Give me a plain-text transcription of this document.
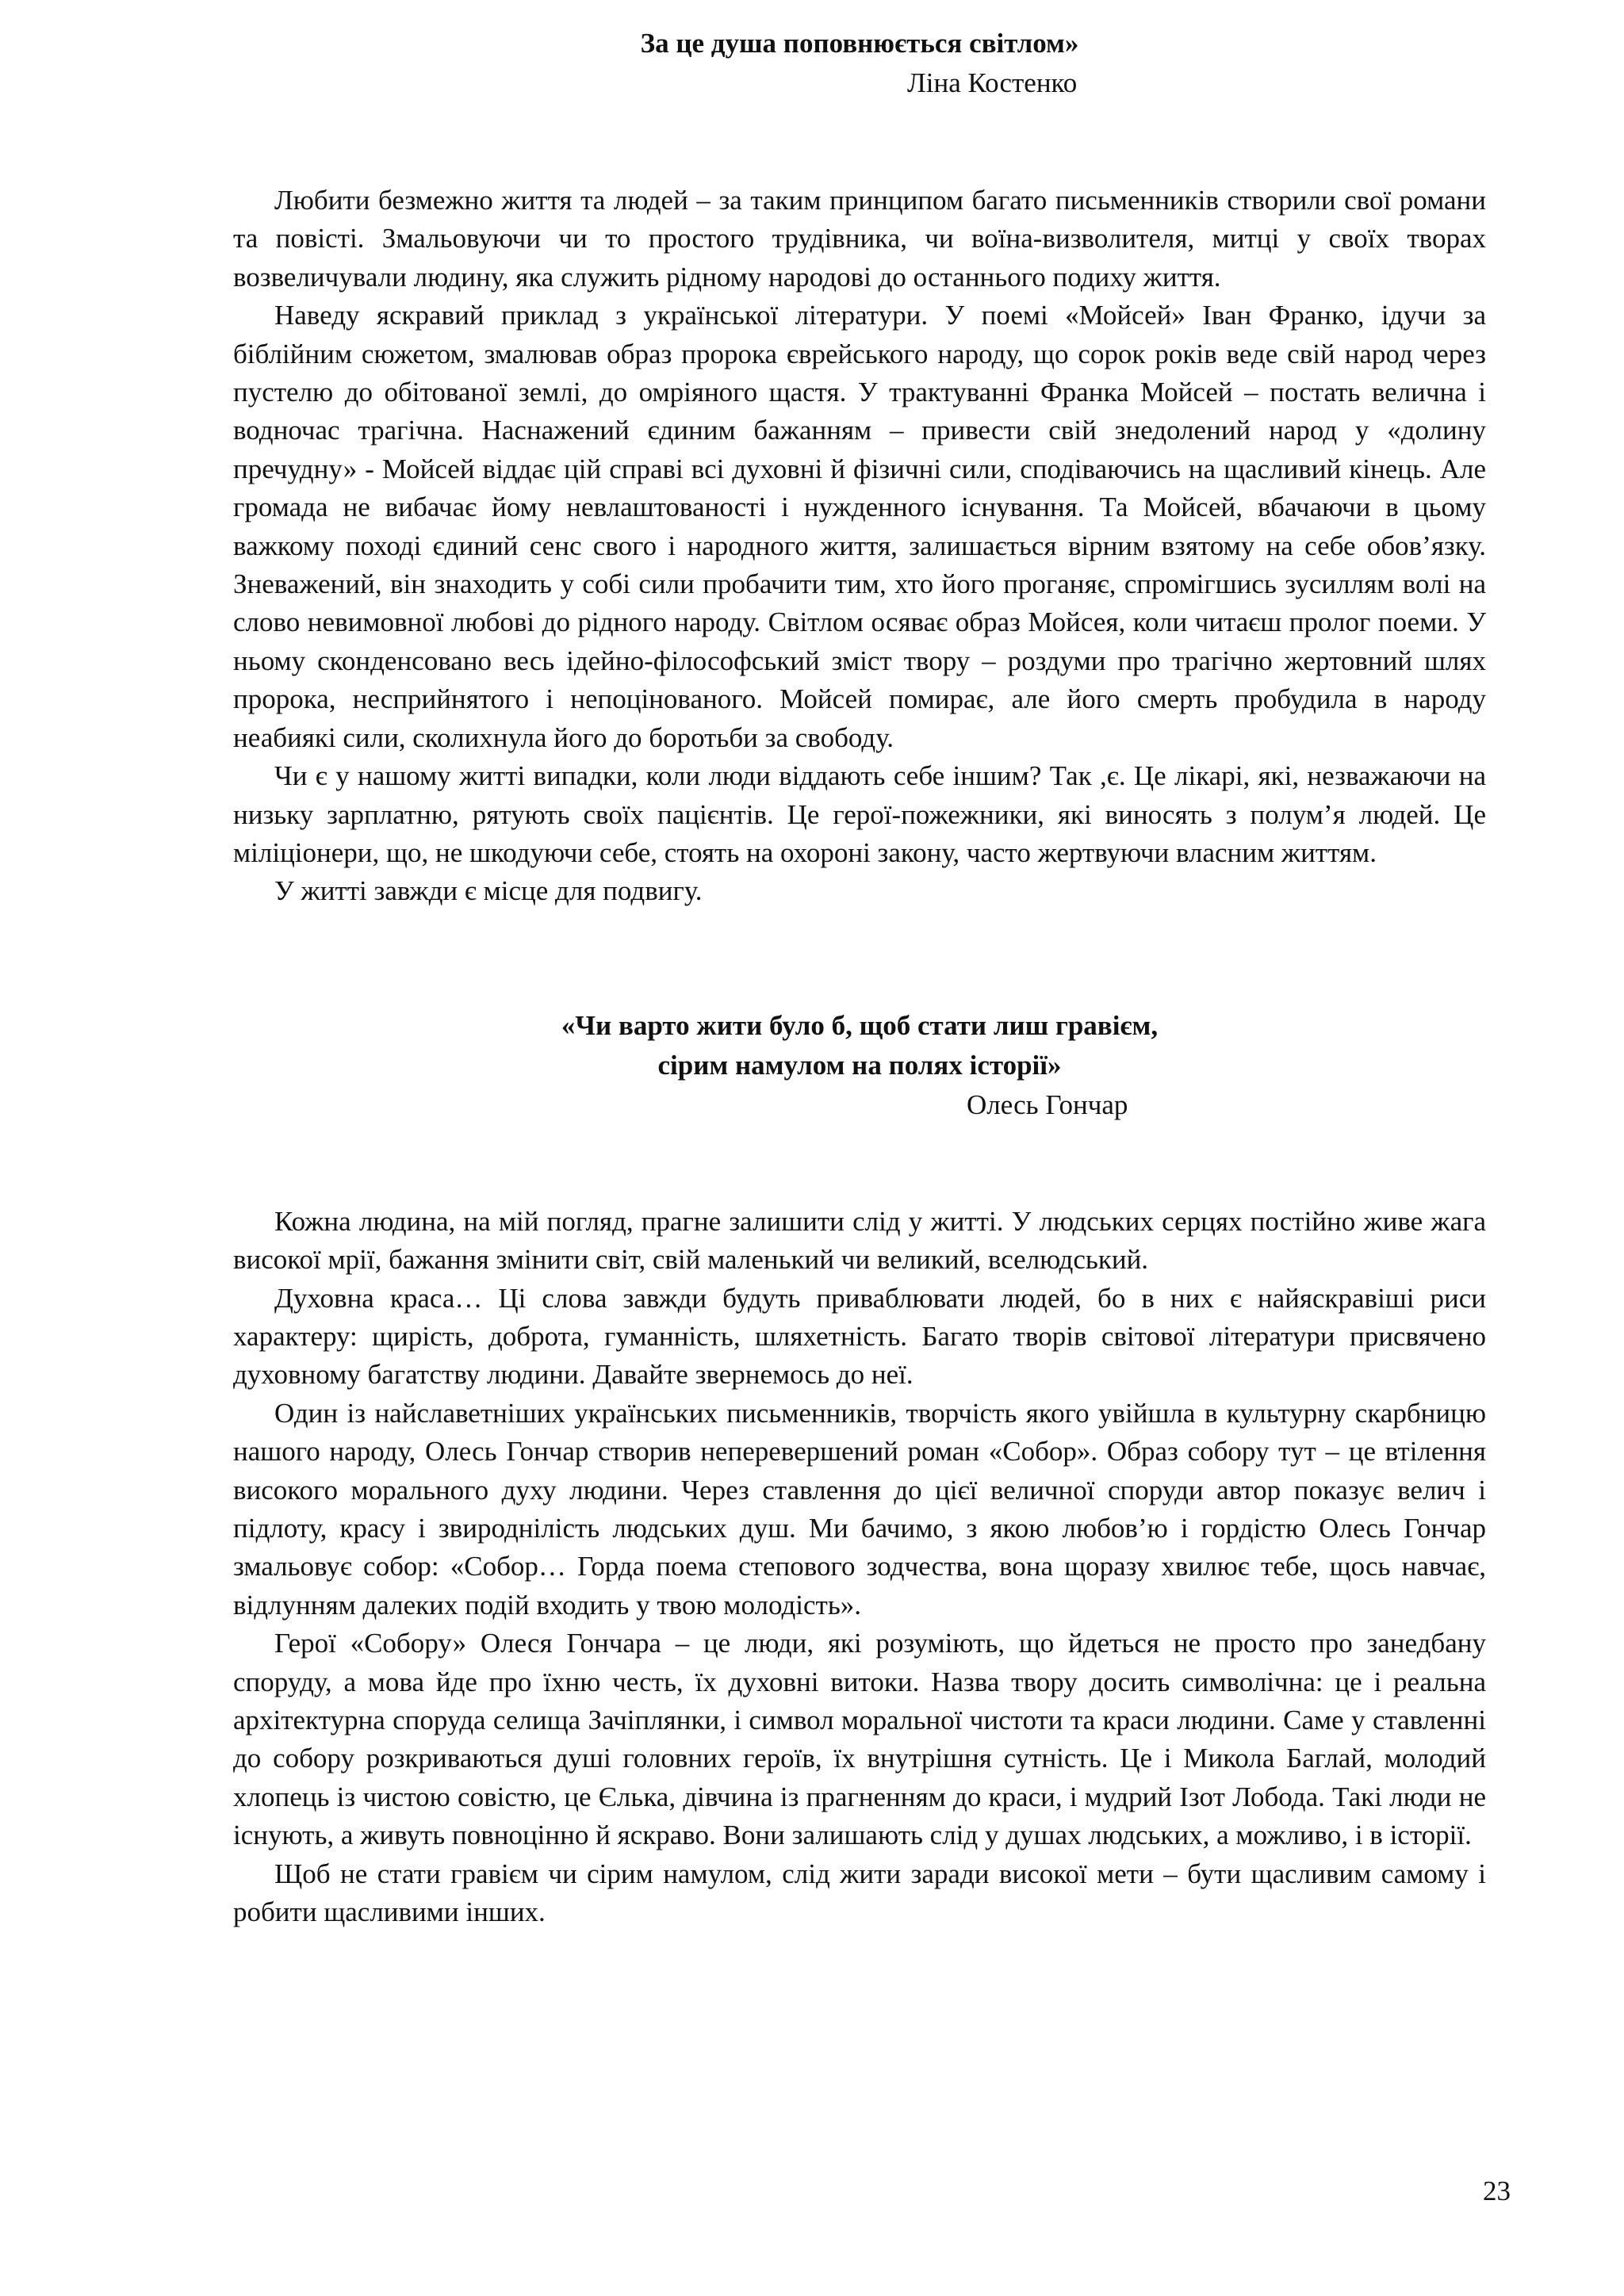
За це душа поповнюється світлом»

Ліна Костенко

Любити безмежно життя та людей – за таким принципом багато письменників створили свої романи та повісті. Змальовуючи чи то простого трудівника, чи воїна-визволителя, митці у своїх творах возвеличували людину, яка служить рідному народові до останнього подиху життя.

Наведу яскравий приклад з української літератури. У поемі «Мойсей» Іван Франко, ідучи за біблійним сюжетом, змалював образ пророка єврейського народу, що сорок років веде свій народ через пустелю до обітованої землі, до омріяного щастя. У трактуванні Франка Мойсей – постать велична і водночас трагічна. Наснажений єдиним бажанням – привести свій знедолений народ у «долину пречудну» - Мойсей віддає цій справі всі духовні й фізичні сили, сподіваючись на щасливий кінець. Але громада не вибачає йому невлаштованості і нужденного існування. Та Мойсей, вбачаючи в цьому важкому поході єдиний сенс свого і народного життя, залишається вірним взятому на себе обов’язку. Зневажений, він знаходить у собі сили пробачити тим, хто його проганяє, спромігшись зусиллям волі на слово невимовної любові до рідного народу. Світлом осяває образ Мойсея, коли читаєш пролог поеми. У ньому сконденсовано весь ідейно-філософський зміст твору – роздуми про трагічно жертовний шлях пророка, несприйнятого і непоцінованого. Мойсей помирає, але його смерть пробудила в народу неабиякі сили, сколихнула його до боротьби за свободу.

Чи є у нашому житті випадки, коли люди віддають себе іншим? Так ,є. Це лікарі, які, незважаючи на низьку зарплатню, рятують своїх пацієнтів. Це герої-пожежники, які виносять з полум’я людей. Це міліціонери, що, не шкодуючи себе, стоять на охороні закону, часто жертвуючи власним життям.

У житті завжди є місце для подвигу.

«Чи варто жити було б, щоб стати лиш гравієм,

сірим намулом на полях історії»

Олесь Гончар

Кожна людина, на мій погляд, прагне залишити слід у житті. У людських серцях постійно живе жага високої мрії, бажання змінити світ, свій маленький чи великий, вселюдський.

Духовна краса… Ці слова завжди будуть приваблювати людей, бо в них є найяскравіші риси характеру: щирість, доброта, гуманність, шляхетність. Багато творів світової літератури присвячено духовному багатству людини. Давайте звернемось до неї.

Один із найславетніших українських письменників, творчість якого увійшла в культурну скарбницю нашого народу, Олесь Гончар створив неперевершений роман «Собор». Образ собору тут – це втілення високого морального духу людини. Через ставлення до цієї величної споруди автор показує велич і підлоту, красу і звироднілість людських душ. Ми бачимо, з якою любов’ю і гордістю Олесь Гончар змальовує собор: «Собор… Горда поема степового зодчества, вона щоразу хвилює тебе, щось навчає, відлунням далеких подій входить у твою молодість».

Герої «Собору» Олеся Гончара – це люди, які розуміють, що йдеться не просто про занедбану споруду, а мова йде про їхню честь, їх духовні витоки. Назва твору досить символічна: це і реальна архітектурна споруда селища Зачіплянки, і символ моральної чистоти та краси людини. Саме у ставленні до собору розкриваються душі головних героїв, їх внутрішня сутність. Це і Микола Баглай, молодий хлопець із чистою совістю, це Єлька, дівчина із прагненням до краси, і мудрий Ізот Лобода. Такі люди не існують, а живуть повноцінно й яскраво. Вони залишають слід у душах людських, а можливо, і в історії.

Щоб не стати гравієм чи сірим намулом, слід жити заради високої мети – бути щасливим самому і робити щасливими інших.

23
